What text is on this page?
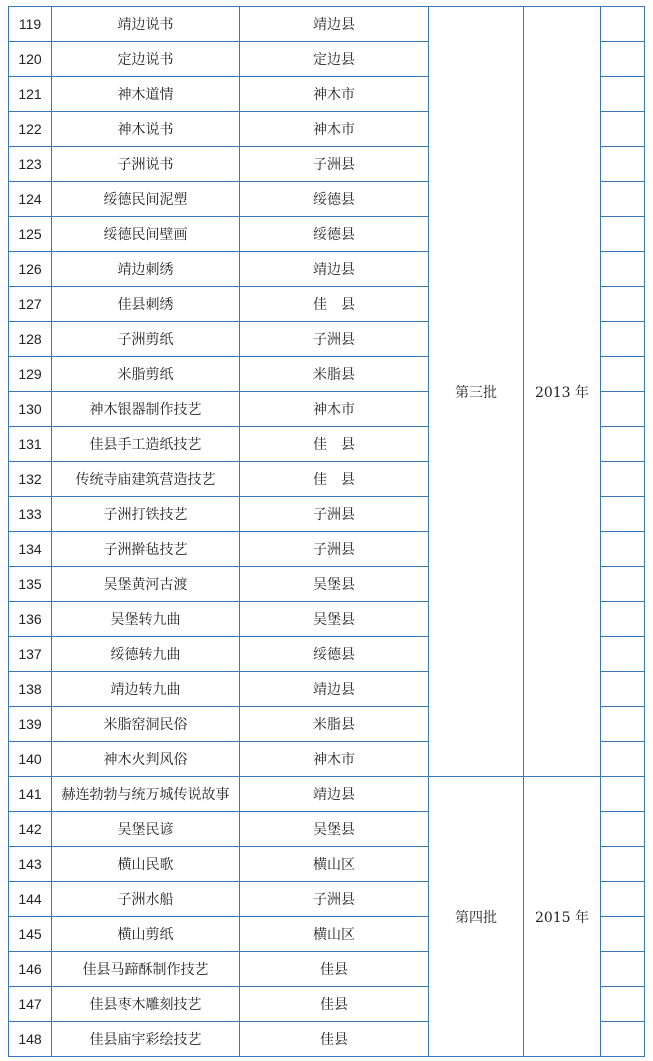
119	靖边说书	靖边县	第三批	2013 年	
120	定边说书	定边县			
121	神木道情	神木市			
122	神木说书	神木市			
123	子洲说书	子洲县			
124	绥德民间泥塑	绥德县			
125	绥德民间壁画	绥德县			
126	靖边刺绣	靖边县			
127	佳县刺绣	佳　县			
128	子洲剪纸	子洲县			
129	米脂剪纸	米脂县			
130	神木银器制作技艺	神木市			
131	佳县手工造纸技艺	佳　县			
132	传统寺庙建筑营造技艺	佳　县			
133	子洲打铁技艺	子洲县			
134	子洲擀毡技艺	子洲县			
135	吴堡黄河古渡	吴堡县			
136	吴堡转九曲	吴堡县			
137	绥德转九曲	绥德县			
138	靖边转九曲	靖边县			
139	米脂窑洞民俗	米脂县			
140	神木火判风俗	神木市			
141	赫连勃勃与统万城传说故事	靖边县	第四批	2015 年	
142	吴堡民谚	吴堡县			
143	横山民歌	横山区			
144	子洲水船	子洲县			
145	横山剪纸	横山区			
146	佳县马蹄酥制作技艺	佳县			
147	佳县枣木雕刻技艺	佳县			
148	佳县庙宇彩绘技艺	佳县			
